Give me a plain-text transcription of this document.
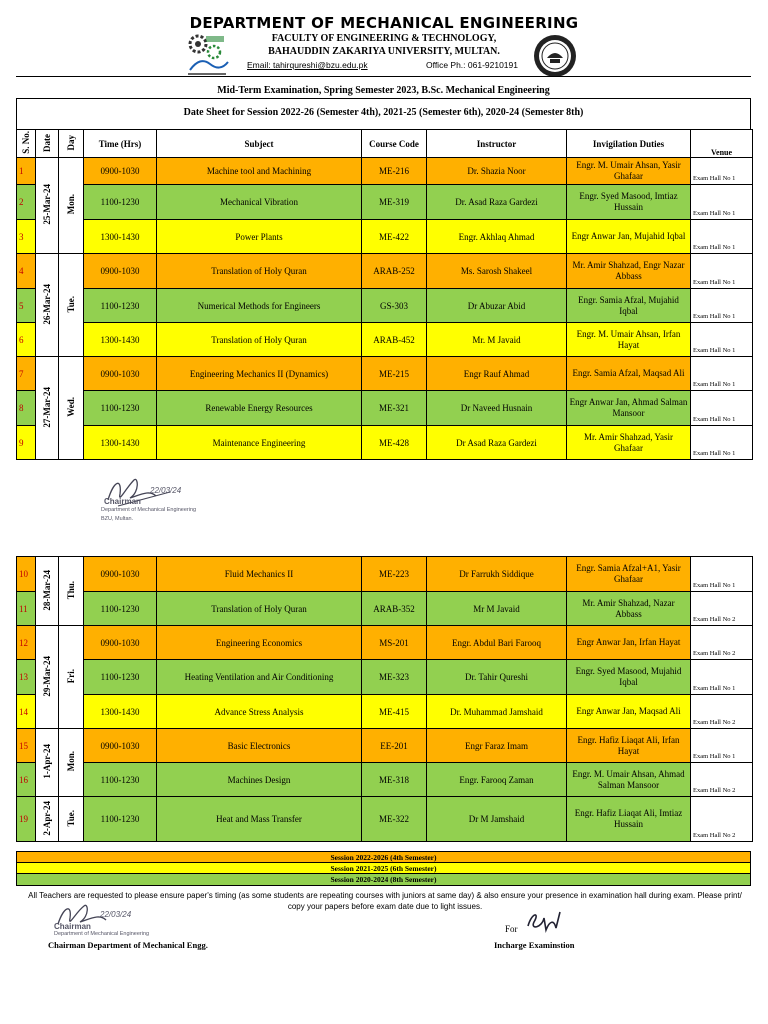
DEPARTMENT OF MECHANICAL ENGINEERING
FACULTY OF ENGINEERING & TECHNOLOGY,
BAHAUDDIN ZAKARIYA UNIVERSITY, MULTAN.
Email: tahirqureshi@bzu.edu.pk	Office Ph.: 061-9210191
Mid-Term Examination, Spring Semester 2023, B.Sc. Mechanical Engineering
Date Sheet for Session 2022-26 (Semester 4th), 2021-25 (Semester 6th), 2020-24 (Semester 8th)
S. No.	Date	Day	Time (Hrs)	Subject	Course Code	Instructor	Invigilation Duties	Venue
1	25-Mar-24	Mon.	0900-1030	Machine tool and Machining	ME-216	Dr. Shazia Noor	Engr. M. Umair Ahsan, Yasir Ghafaar	Exam Hall No 1
2			1100-1230	Mechanical Vibration	ME-319	Dr. Asad Raza Gardezi	Engr. Syed Masood, Imtiaz Hussain	Exam Hall No 1
3			1300-1430	Power Plants	ME-422	Engr. Akhlaq Ahmad	Engr Anwar Jan, Mujahid Iqbal	Exam Hall No 1
4	26-Mar-24	Tue.	0900-1030	Translation of Holy Quran	ARAB-252	Ms. Sarosh Shakeel	Mr. Amir Shahzad, Engr Nazar Abbass	Exam Hall No 1
5			1100-1230	Numerical Methods for Engineers	GS-303	Dr Abuzar Abid	Engr. Samia Afzal, Mujahid Iqbal	Exam Hall No 1
6			1300-1430	Translation of Holy Quran	ARAB-452	Mr. M Javaid	Engr. M. Umair Ahsan, Irfan Hayat	Exam Hall No 1
7	27-Mar-24	Wed.	0900-1030	Engineering Mechanics II (Dynamics)	ME-215	Engr Rauf Ahmad	Engr. Samia Afzal, Maqsad Ali	Exam Hall No 1
8			1100-1230	Renewable Energy Resources	ME-321	Dr Naveed Husnain	Engr Anwar Jan, Ahmad Salman Mansoor	Exam Hall No 1
9			1300-1430	Maintenance Engineering	ME-428	Dr Asad Raza Gardezi	Mr. Amir Shahzad, Yasir Ghafaar	Exam Hall No 1
22/03/24
Chairman
Department of Mechanical Engineering
BZU, Multan.
10	28-Mar-24	Thu.	0900-1030	Fluid Mechanics II	ME-223	Dr Farrukh Siddique	Engr. Samia Afzal+A1, Yasir Ghafaar	Exam Hall No 1
11			1100-1230	Translation of Holy Quran	ARAB-352	Mr M Javaid	Mr. Amir Shahzad, Nazar Abbass	Exam Hall No 2
12	29-Mar-24	Fri.	0900-1030	Engineering Economics	MS-201	Engr. Abdul Bari Farooq	Engr Anwar Jan, Irfan Hayat	Exam Hall No 2
13			1100-1230	Heating Ventilation and Air Conditioning	ME-323	Dr. Tahir Qureshi	Engr. Syed Masood, Mujahid Iqbal	Exam Hall No 1
14			1300-1430	Advance Stress Analysis	ME-415	Dr. Muhammad Jamshaid	Engr Anwar Jan, Maqsad Ali	Exam Hall No 2
15	1-Apr-24	Mon.	0900-1030	Basic Electronics	EE-201	Engr Faraz Imam	Engr. Hafiz Liaqat Ali, Irfan Hayat	Exam Hall No 1
16			1100-1230	Machines Design	ME-318	Engr. Farooq Zaman	Engr. M. Umair Ahsan, Ahmad Salman Mansoor	Exam Hall No 2
19	2-Apr-24	Tue.	1100-1230	Heat and Mass Transfer	ME-322	Dr M Jamshaid	Engr. Hafiz Liaqat Ali, Imtiaz Hussain	Exam Hall No 2
Session 2022-2026 (4th Semester)
Session 2021-2025 (6th Semester)
Session 2020-2024 (8th Semester)
All Teachers are requested to please ensure paper's timing (as some students are repeating courses with juniors at same day) & also ensure your presence in examination hall during exam. Please print/ copy your papers before exam date due to light issues.
22/03/24
Chairman
Department of Mechanical Engineering
Chairman Department of Mechanical Engg.
For
Incharge Examinstion
